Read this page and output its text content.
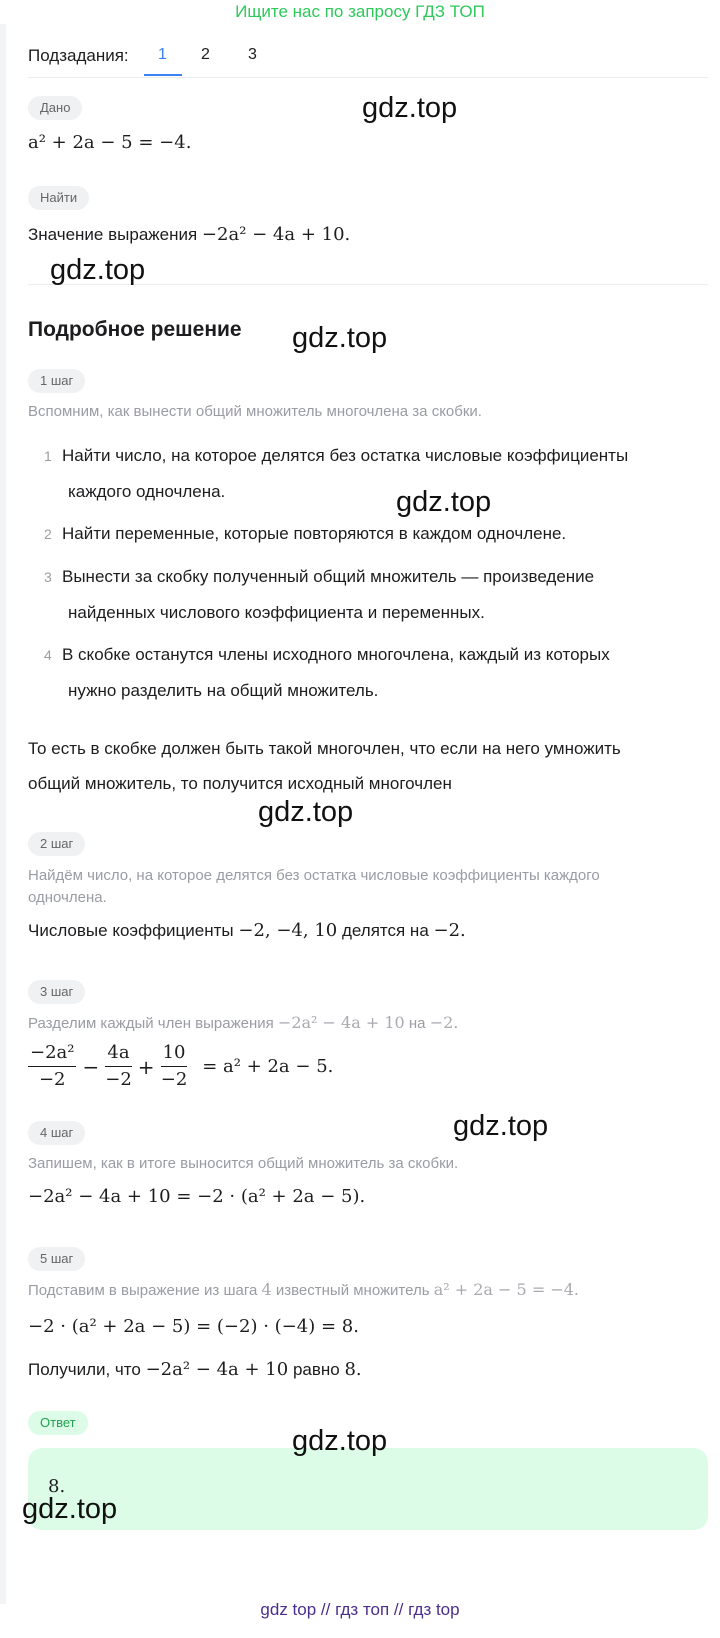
Ищите нас по запросу ГДЗ ТОП
Подзадания: 1 2 3
Дано
a² + 2a − 5 = −4.
Найти
Значение выражения −2a² − 4a + 10.
Подробное решение
1 шаг
Вспомним, как вынести общий множитель многочлена за скобки.
1 Найти число, на которое делятся без остатка числовые коэффициенты
каждого одночлена.
2 Найти переменные, которые повторяются в каждом одночлене.
3 Вынести за скобку полученный общий множитель — произведение
найденных числового коэффициента и переменных.
4 В скобке останутся члены исходного многочлена, каждый из которых
нужно разделить на общий множитель.
То есть в скобке должен быть такой многочлен, что если на него умножить
общий множитель, то получится исходный многочлен
2 шаг
Найдём число, на которое делятся без остатка числовые коэффициенты каждого
одночлена.
Числовые коэффициенты −2, −4, 10 делятся на −2.
3 шаг
Разделим каждый член выражения −2a² − 4a + 10 на −2.
$\frac{\text{−2a²}}{-2} - \frac{4a}{-2} + \frac{10}{-2} = a^2 + 2a - 5$.
4 шаг
Запишем, как в итоге выносится общий множитель за скобки.
−2a² − 4a + 10 = −2 · (a² + 2a − 5).
5 шаг
Подставим в выражение из шага 4 известный множитель a² + 2a − 5 = −4.
−2 · (a² + 2a − 5) = (−2) · (−4) = 8.
Получили, что −2a² − 4a + 10 равно 8.
Ответ
8.
gdz.top
gdz.top
gdz.top
gdz.top
gdz.top
gdz.top
gdz.top
gdz.top
gdz top // гдз топ // гдз top
